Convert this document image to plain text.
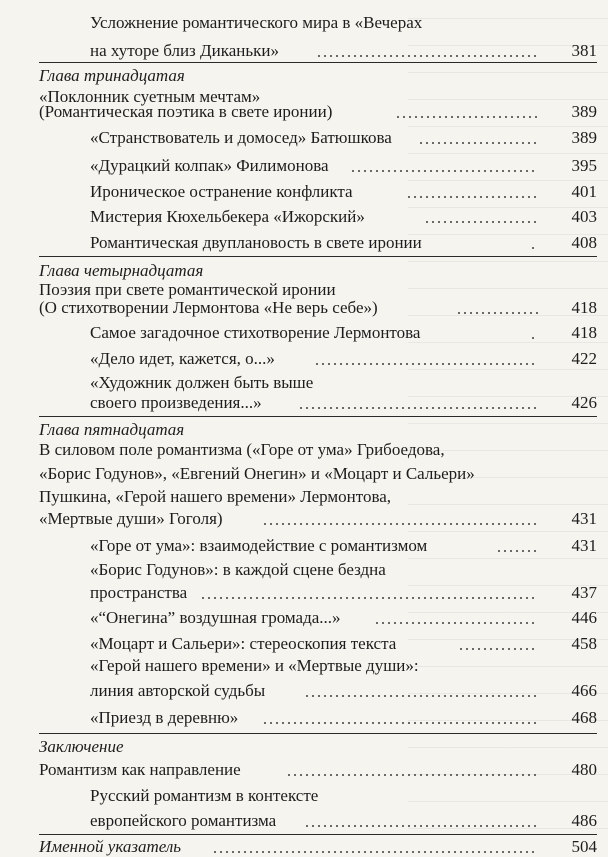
Усложнение романтического мира в «Вечерах
на хуторе близ Диканьки»	381
Глава тринадцатая
«Поклонник суетным мечтам»
(Романтическая поэтика в свете иронии)	389
«Странствователь и домосед» Батюшкова	389
«Дурацкий колпак» Филимонова	395
Ироническое остранение конфликта	401
Мистерия Кюхельбекера «Ижорский»	403
Романтическая двуплановость в свете иронии	408
Глава четырнадцатая
Поэзия при свете романтической иронии
(О стихотворении Лермонтова «Не верь себе»)	418
Самое загадочное стихотворение Лермонтова	418
«Дело идет, кажется, о...»	422
«Художник должен быть выше
своего произведения...»	426
Глава пятнадцатая
В силовом поле романтизма («Горе от ума» Грибоедова,
«Борис Годунов», «Евгений Онегин» и «Моцарт и Сальери»
Пушкина, «Герой нашего времени» Лермонтова,
«Мертвые души» Гоголя)	431
«Горе от ума»: взаимодействие с романтизмом	431
«Борис Годунов»: в каждой сцене бездна
пространства	437
«“Онегина” воздушная громада...»	446
«Моцарт и Сальери»: стереоскопия текста	458
«Герой нашего времени» и «Мертвые души»:
линия авторской судьбы	466
«Приезд в деревню»	468
Заключение
Романтизм как направление	480
Русский романтизм в контексте
европейского романтизма	486
Именной указатель	504
